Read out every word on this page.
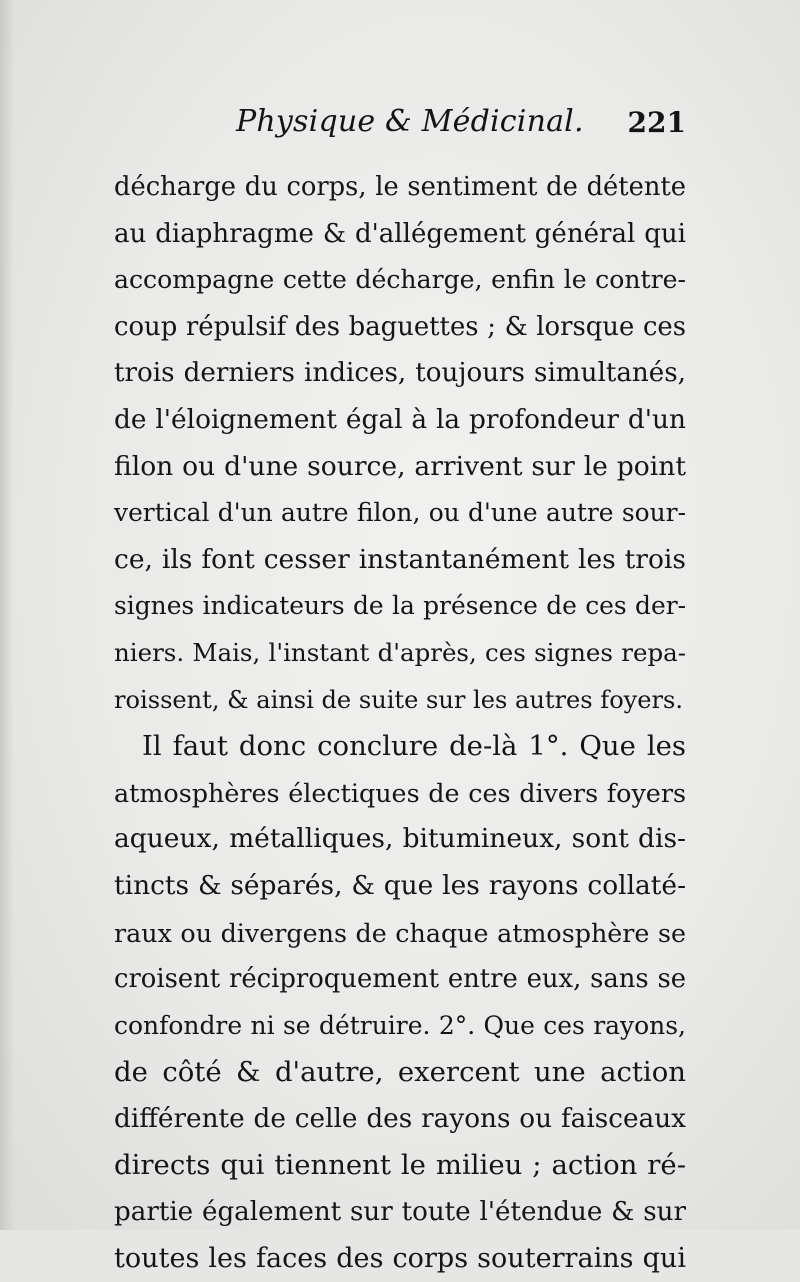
Physique & Médicinal. 221
décharge du corps, le sentiment de détente
au diaphragme & d'allégement général qui
accompagne cette décharge, enfin le contre-
coup répulsif des baguettes ; & lorsque ces
trois derniers indices, toujours simultanés,
de l'éloignement égal à la profondeur d'un
filon ou d'une source, arrivent sur le point
vertical d'un autre filon, ou d'une autre sour-
ce, ils font cesser instantanément les trois
signes indicateurs de la présence de ces der-
niers. Mais, l'instant d'après, ces signes repa-
roissent, & ainsi de suite sur les autres foyers.
Il faut donc conclure de-là 1°. Que les
atmosphères électiques de ces divers foyers
aqueux, métalliques, bitumineux, sont dis-
tincts & séparés, & que les rayons collaté-
raux ou divergens de chaque atmosphère se
croisent réciproquement entre eux, sans se
confondre ni se détruire. 2°. Que ces rayons,
de côté & d'autre, exercent une action
différente de celle des rayons ou faisceaux
directs qui tiennent le milieu ; action ré-
partie également sur toute l'étendue & sur
toutes les faces des corps souterrains qui
